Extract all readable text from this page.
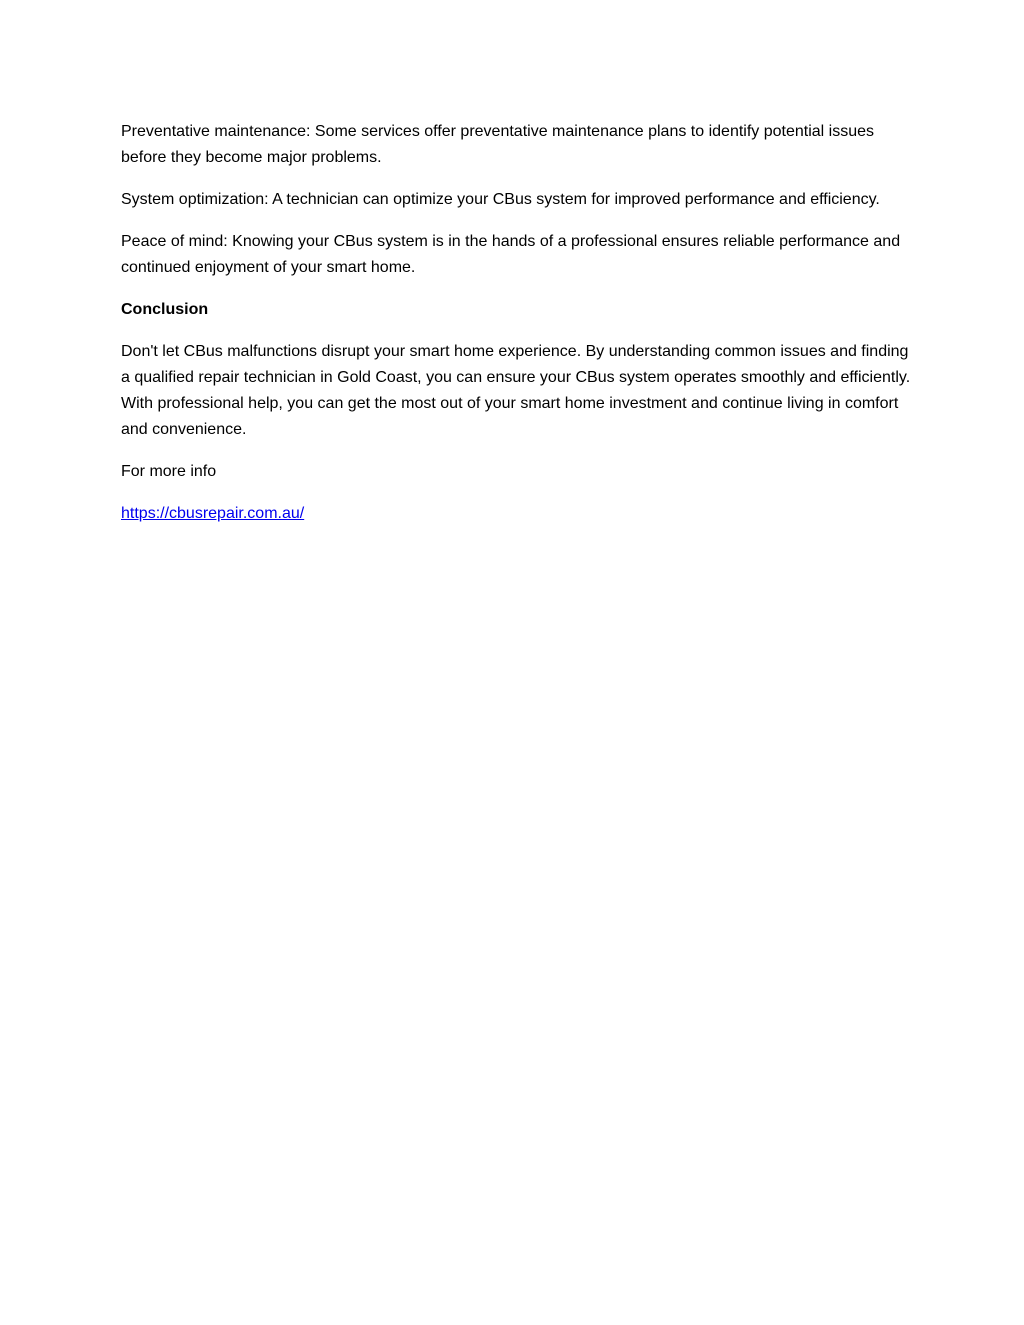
Preventative maintenance: Some services offer preventative maintenance plans to identify potential issues before they become major problems.

System optimization: A technician can optimize your CBus system for improved performance and efficiency.

Peace of mind: Knowing your CBus system is in the hands of a professional ensures reliable performance and continued enjoyment of your smart home.

Conclusion

Don't let CBus malfunctions disrupt your smart home experience. By understanding common issues and finding a qualified repair technician in Gold Coast, you can ensure your CBus system operates smoothly and efficiently. With professional help, you can get the most out of your smart home investment and continue living in comfort and convenience.

For more info

https://cbusrepair.com.au/
